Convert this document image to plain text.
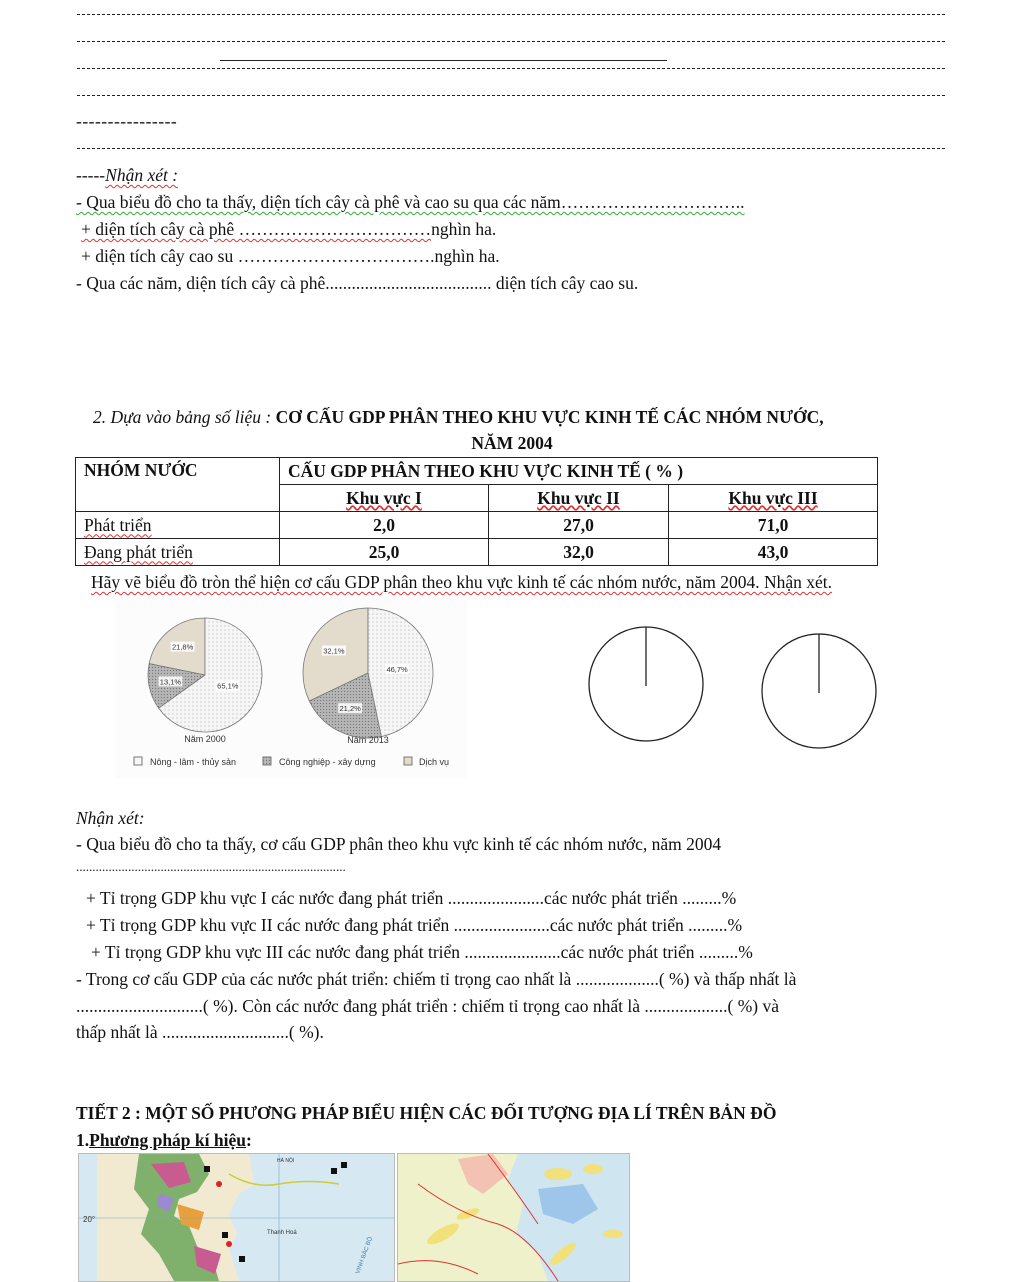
----------------
-----Nhận xét :
- Qua biểu đồ cho ta thấy, diện tích cây cà phê và cao su qua các năm…………………………..
+ diện tích cây cà phê ……………………………nghìn ha.
+ diện tích cây cao su …………………………….nghìn ha.
- Qua các năm, diện tích cây cà phê...................................... diện tích cây cao su.
2. Dựa vào bảng số liệu : CƠ CẤU GDP PHÂN THEO KHU VỰC KINH TẾ CÁC NHÓM NƯỚC,
NĂM 2004
NHÓM NƯỚC	CẤU GDP PHÂN THEO KHU VỰC KINH TẾ ( % )		
	Khu vực I	Khu vực II	Khu vực III
Phát triển	2,0	27,0	71,0
Đang phát triển	25,0	32,0	43,0
Hãy vẽ biểu đồ tròn thể hiện cơ cấu GDP phân theo khu vực kinh tế các nhóm nước, năm 2004. Nhận xét.
21,8%
13,1%	65,1%
32,1%
21,2%
46,7%
Năm 2000	Năm 2013
Nông - lâm - thủy sản	Công nghiệp - xây dựng	Dịch vụ
Nhận xét:
- Qua biểu đồ cho ta thấy, cơ cấu GDP phân theo khu vực kinh tế các nhóm nước, năm 2004
...................................................................................
+ Tỉ trọng GDP khu vực I các nước đang phát triển ......................các nước phát triển .........%
+ Tỉ trọng GDP khu vực II các nước đang phát triển ......................các nước phát triển .........%
+ Tỉ trọng GDP khu vực III các nước đang phát triển ......................các nước phát triển .........%
- Trong cơ cấu GDP của các nước phát triển: chiếm tỉ trọng cao nhất là ...................( %) và thấp nhất là
.............................( %). Còn các nước đang phát triển : chiếm tỉ trọng cao nhất là ...................( %) và
thấp nhất là .............................( %).
TIẾT 2 : MỘT SỐ PHƯƠNG PHÁP BIỂU HIỆN CÁC ĐỐI TƯỢNG ĐỊA LÍ TRÊN BẢN ĐỒ
1.Phương pháp kí hiệu:
20°
Thanh Hoá
VỊNH BẮC BỘ
HÀ NỘI
